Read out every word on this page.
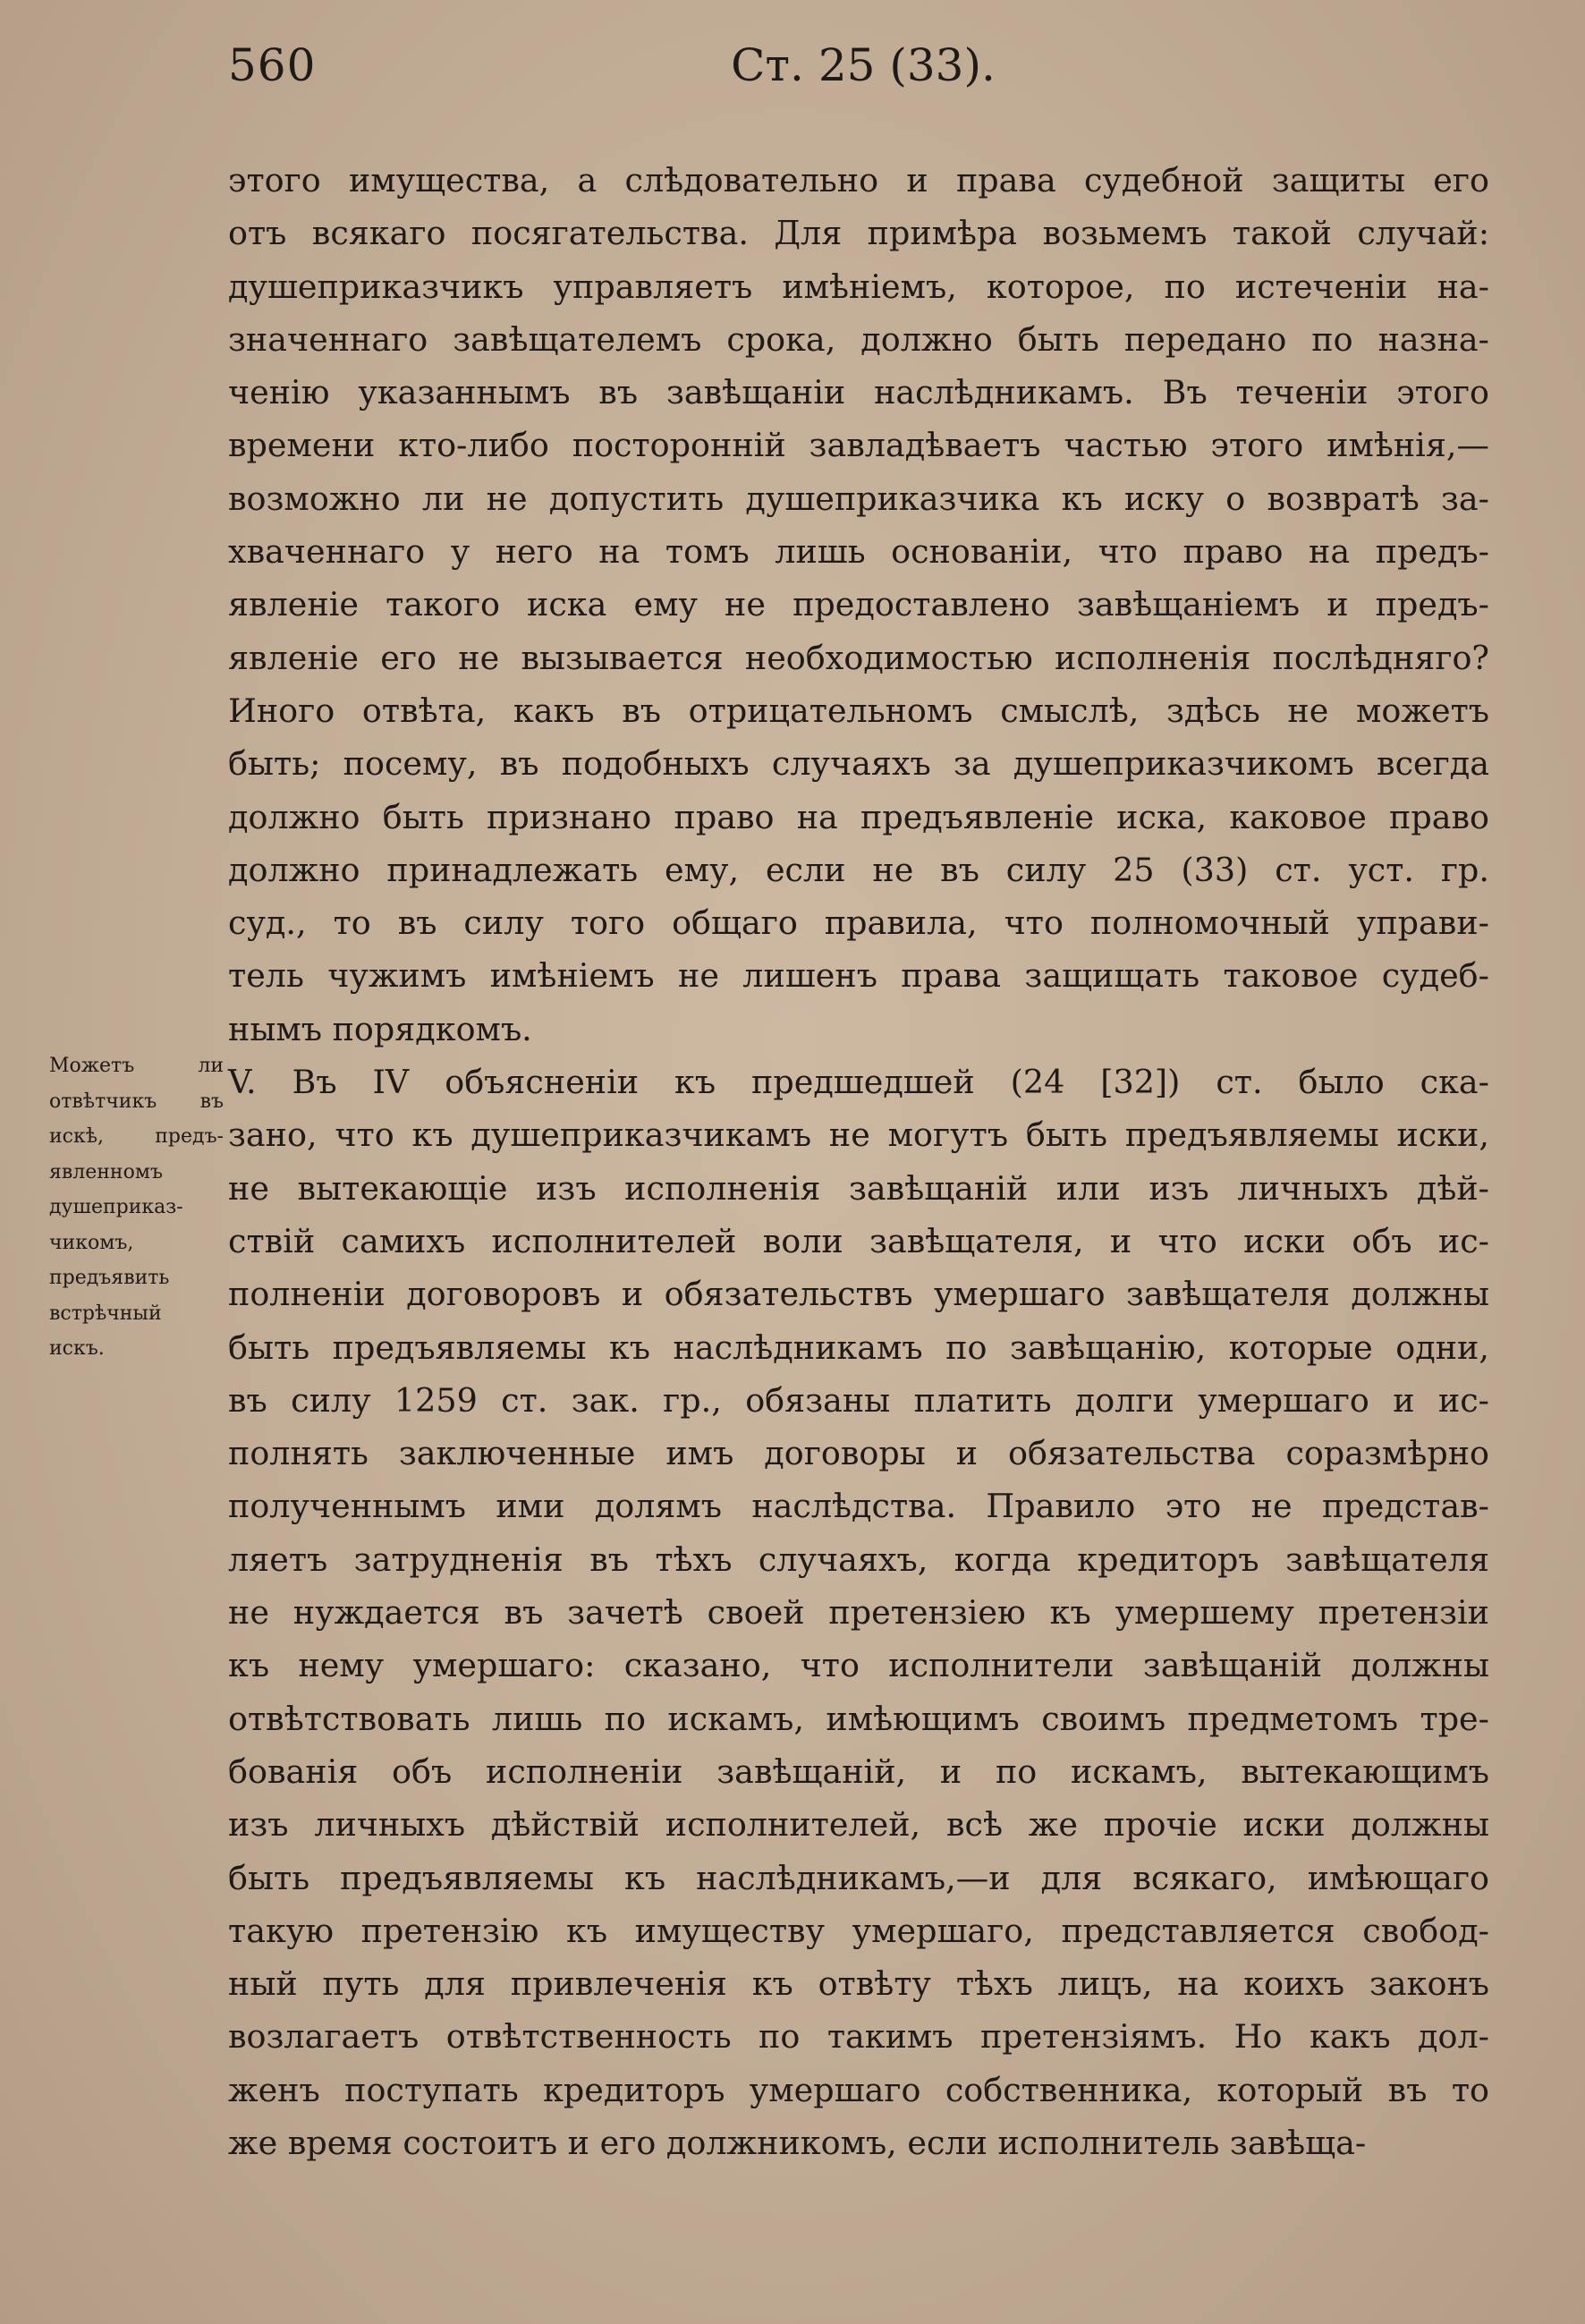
560	Ст. 25 (33).
Можетъ ли
отвѣтчикъ въ
искѣ, предъ-
явленномъ
душеприказ-
чикомъ,
предъявить
встрѣчный
искъ.
этого имущества, а слѣдовательно и права судебной защиты его
отъ всякаго посягательства. Для примѣра возьмемъ такой случай:
душеприказчикъ управляетъ имѣніемъ, которое, по истеченіи на-
значеннаго завѣщателемъ срока, должно быть передано по назна-
ченію указаннымъ въ завѣщаніи наслѣдникамъ. Въ теченіи этого
времени кто-либо посторонній завладѣваетъ частью этого имѣнія,—
возможно ли не допустить душеприказчика къ иску о возвратѣ за-
хваченнаго у него на томъ лишь основаніи, что право на предъ-
явленіе такого иска ему не предоставлено завѣщаніемъ и предъ-
явленіе его не вызывается необходимостью исполненія послѣдняго?
Иного отвѣта, какъ въ отрицательномъ смыслѣ, здѣсь не можетъ
быть; посему, въ подобныхъ случаяхъ за душеприказчикомъ всегда
должно быть признано право на предъявленіе иска, каковое право
должно принадлежать ему, если не въ силу 25 (33) ст. уст. гр.
суд., то въ силу того общаго правила, что полномочный управи-
тель чужимъ имѣніемъ не лишенъ права защищать таковое судеб-
нымъ порядкомъ.
V. Въ IV объясненіи къ предшедшей (24 [32]) ст. было ска-
зано, что къ душеприказчикамъ не могутъ быть предъявляемы иски,
не вытекающіе изъ исполненія завѣщаній или изъ личныхъ дѣй-
ствій самихъ исполнителей воли завѣщателя, и что иски объ ис-
полненіи договоровъ и обязательствъ умершаго завѣщателя должны
быть предъявляемы къ наслѣдникамъ по завѣщанію, которые одни,
въ силу 1259 ст. зак. гр., обязаны платить долги умершаго и ис-
полнять заключенные имъ договоры и обязательства соразмѣрно
полученнымъ ими долямъ наслѣдства. Правило это не представ-
ляетъ затрудненія въ тѣхъ случаяхъ, когда кредиторъ завѣщателя
не нуждается въ зачетѣ своей претензіею къ умершему претензіи
къ нему умершаго: сказано, что исполнители завѣщаній должны
отвѣтствовать лишь по искамъ, имѣющимъ своимъ предметомъ тре-
бованія объ исполненіи завѣщаній, и по искамъ, вытекающимъ
изъ личныхъ дѣйствій исполнителей, всѣ же прочіе иски должны
быть предъявляемы къ наслѣдникамъ,—и для всякаго, имѣющаго
такую претензію къ имуществу умершаго, представляется свобод-
ный путь для привлеченія къ отвѣту тѣхъ лицъ, на коихъ законъ
возлагаетъ отвѣтственность по такимъ претензіямъ. Но какъ дол-
женъ поступать кредиторъ умершаго собственника, который въ то
же время состоитъ и его должникомъ, если исполнитель завѣща-
